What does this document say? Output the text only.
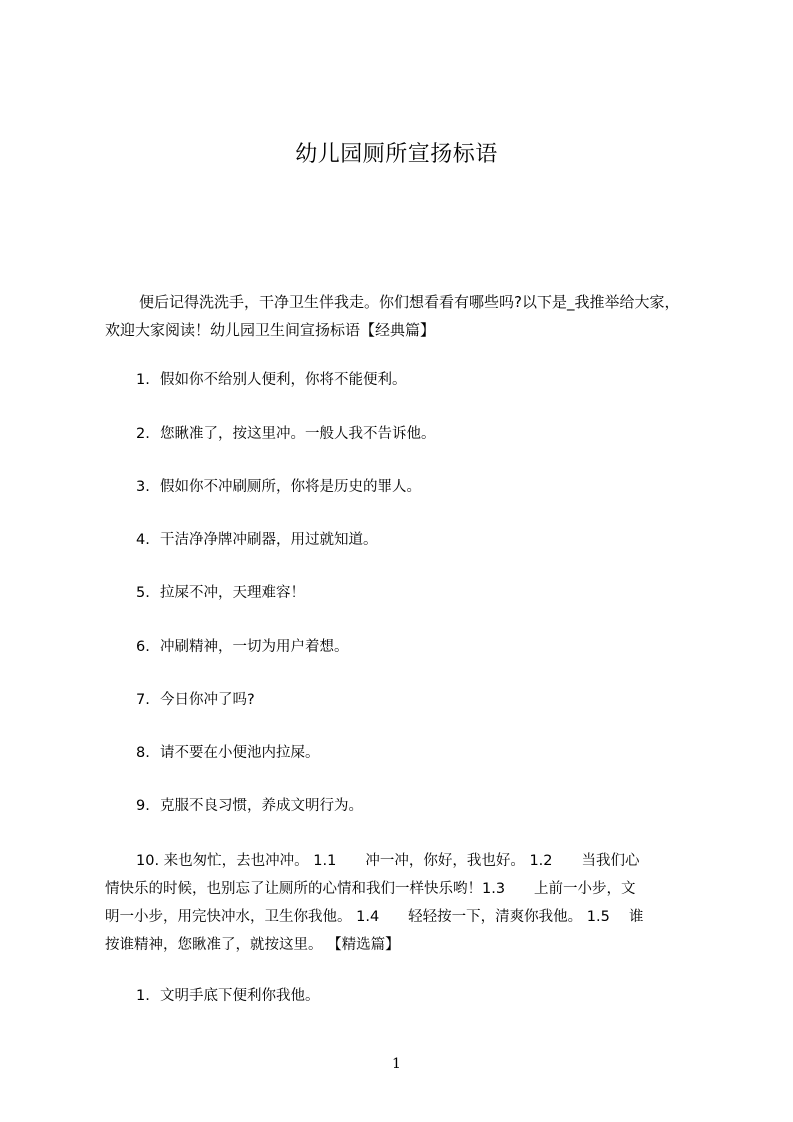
幼儿园厕所宣扬标语
便后记得洗洗手，干净卫生伴我走。你们想看看有哪些吗?以下是_我推举给大家，
欢迎大家阅读！幼儿园卫生间宣扬标语【经典篇】
1. 假如你不给别人便利，你将不能便利。
2. 您瞅准了，按这里冲。一般人我不告诉他。
3. 假如你不冲刷厕所，你将是历史的罪人。
4. 干洁净净牌冲刷器，用过就知道。
5. 拉屎不冲，天理难容！
6. 冲刷精神，一切为用户着想。
7. 今日你冲了吗?
8. 请不要在小便池内拉屎。
9. 克服不良习惯，养成文明行为。
10. 来也匆忙，去也冲冲。 1.1　　冲一冲，你好，我也好。 1.2　　当我们心
情快乐的时候，也别忘了让厕所的心情和我们一样快乐哟！1.3　　上前一小步，文
明一小步，用完快冲水，卫生你我他。 1.4　　轻轻按一下，清爽你我他。 1.5　 谁
按谁精神，您瞅准了，就按这里。 【精选篇】
1. 文明手底下便利你我他。
1
